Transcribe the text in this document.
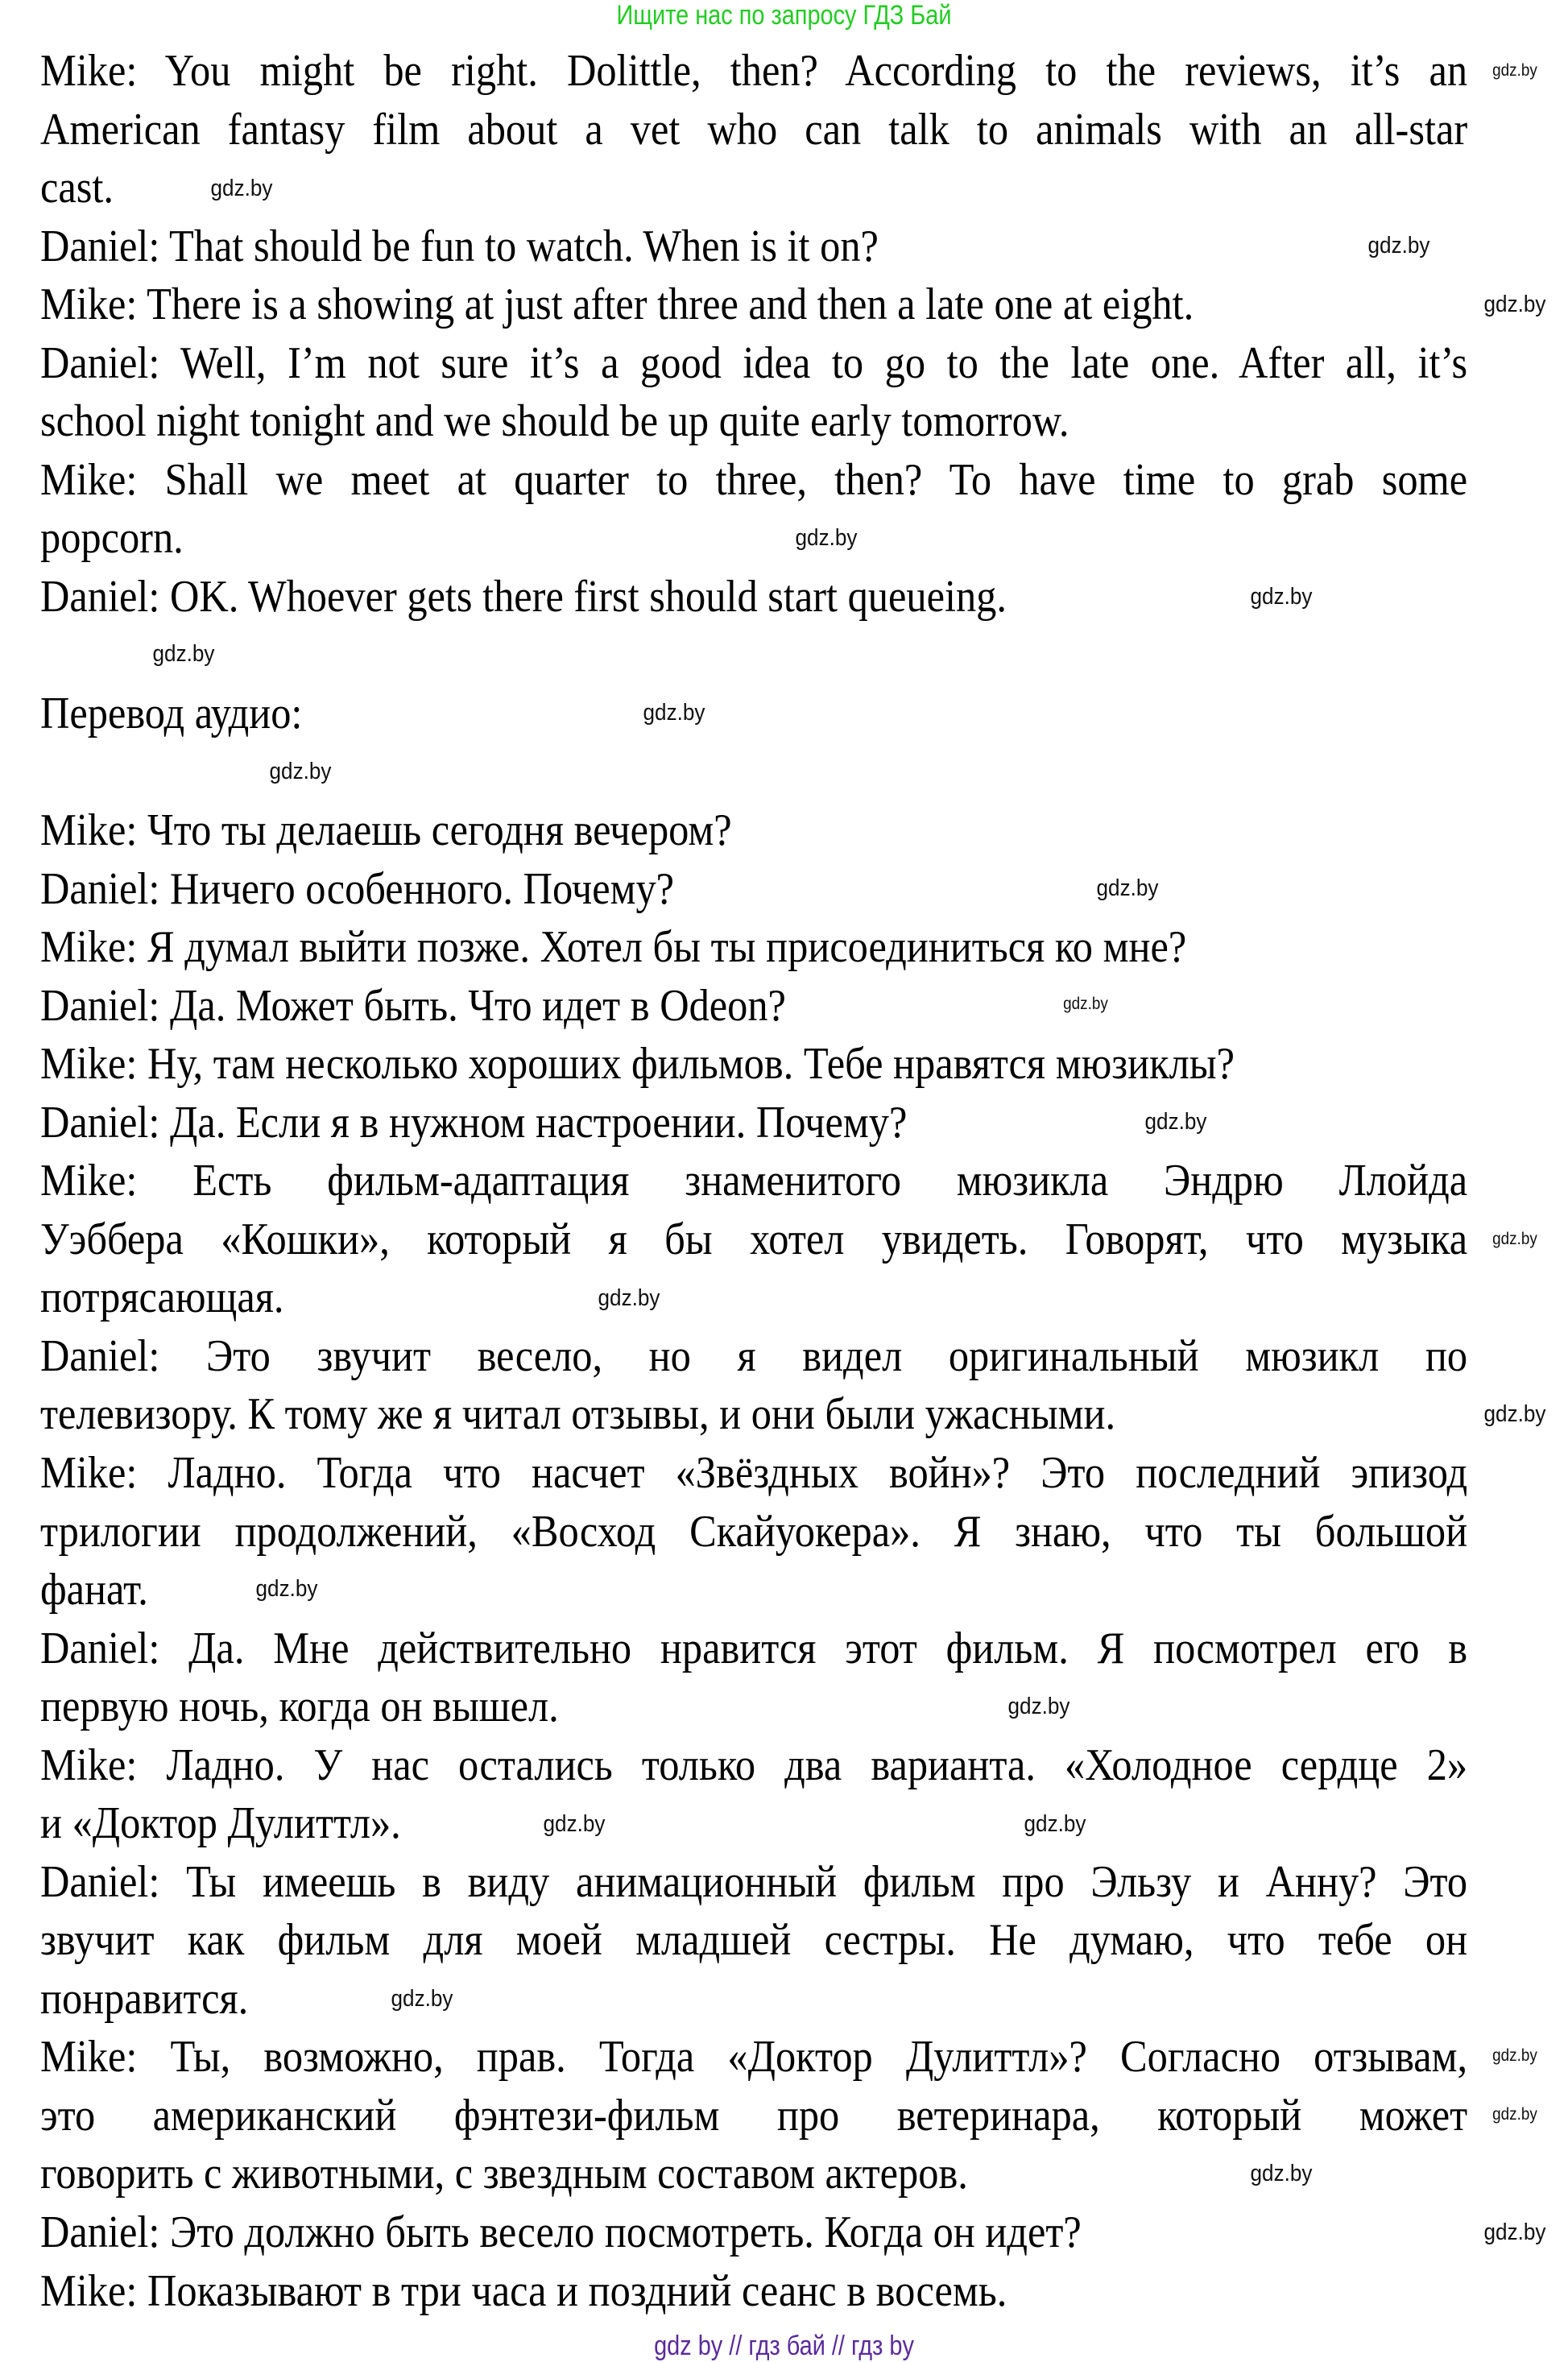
Ищите нас по запросу ГДЗ Бай
Mike: You might be right. Dolittle, then? According to the reviews, it’s an
American fantasy film about a vet who can talk to animals with an all-star
cast.
Daniel: That should be fun to watch. When is it on?
Mike: There is a showing at just after three and then a late one at eight.
Daniel: Well, I’m not sure it’s a good idea to go to the late one. After all, it’s
school night tonight and we should be up quite early tomorrow.
Mike: Shall we meet at quarter to three, then? To have time to grab some
popcorn.
Daniel: OK. Whoever gets there first should start queueing.
Перевод аудио:
Mike: Что ты делаешь сегодня вечером?
Daniel: Ничего особенного. Почему?
Mike: Я думал выйти позже. Хотел бы ты присоединиться ко мне?
Daniel: Да. Может быть. Что идет в Odeon?
Mike: Ну, там несколько хороших фильмов. Тебе нравятся мюзиклы?
Daniel: Да. Если я в нужном настроении. Почему?
Mike: Есть фильм-адаптация знаменитого мюзикла Эндрю Ллойда
Уэббера «Кошки», который я бы хотел увидеть. Говорят, что музыка
потрясающая.
Daniel: Это звучит весело, но я видел оригинальный мюзикл по
телевизору. К тому же я читал отзывы, и они были ужасными.
Mike: Ладно. Тогда что насчет «Звёздных войн»? Это последний эпизод
трилогии продолжений, «Восход Скайуокера». Я знаю, что ты большой
фанат.
Daniel: Да. Мне действительно нравится этот фильм. Я посмотрел его в
первую ночь, когда он вышел.
Mike: Ладно. У нас остались только два варианта. «Холодное сердце 2»
и «Доктор Дулиттл».
Daniel: Ты имеешь в виду анимационный фильм про Эльзу и Анну? Это
звучит как фильм для моей младшей сестры. Не думаю, что тебе он
понравится.
Mike: Ты, возможно, прав. Тогда «Доктор Дулиттл»? Согласно отзывам,
это американский фэнтези-фильм про ветеринара, который может
говорить с животными, с звездным составом актеров.
Daniel: Это должно быть весело посмотреть. Когда он идет?
Mike: Показывают в три часа и поздний сеанс в восемь.
gdz.by
gdz.by
gdz.by
gdz.by
gdz.by
gdz.by
gdz.by
gdz.by
gdz.by
gdz.by
gdz.by
gdz.by
gdz.by
gdz.by
gdz.by
gdz.by
gdz.by
gdz.by	gdz.by
gdz.by
gdz.by
gdz.by
gdz.by
gdz.by
gdz by // гдз бай // гдз by
